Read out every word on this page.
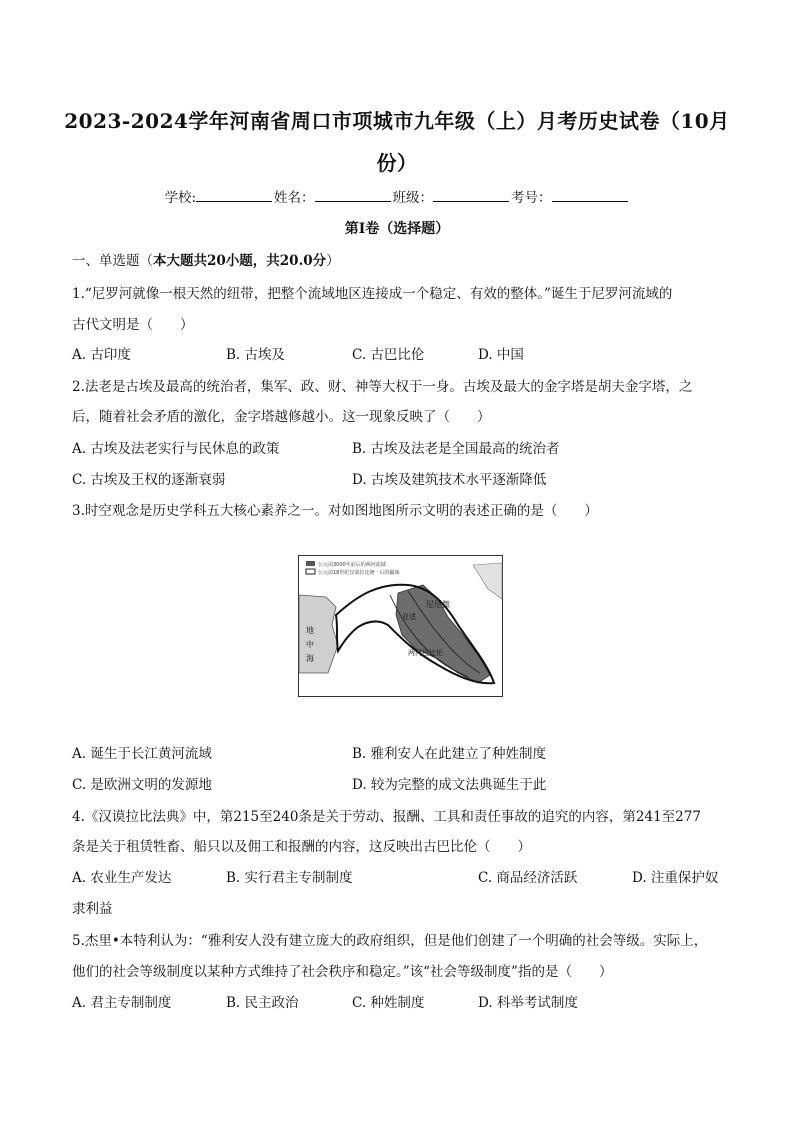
2023-2024学年河南省周口市项城市九年级（上）月考历史试卷（10月
份）
学校:	姓名：	班级：	考号：
第I卷（选择题）
一、单选题（本大题共20小题，共20.0分）
1.“尼罗河就像一根天然的纽带，把整个流域地区连接成一个稳定、有效的整体。”诞生于尼罗河流域的
古代文明是（　　）
A. 古印度	B. 古埃及	C. 古巴比伦	D. 中国
2.法老是古埃及最高的统治者，集军、政、财、神等大权于一身。古埃及最大的金字塔是胡夫金字塔，之
后，随着社会矛盾的激化，金字塔越修越小。这一现象反映了（　　）
A. 古埃及法老实行与民休息的政策	B. 古埃及法老是全国最高的统治者
C. 古埃及王权的逐渐衰弱	D. 古埃及建筑技术水平逐渐降低
3.时空观念是历史学科五大核心素养之一。对如图地图所示文明的表述正确的是（　　）
公元前3000年前后的两河流域
公元前18世纪汉谟拉比统一后的疆域
尼尼微
亚述
两河巴比伦
地
中
海
A. 诞生于长江黄河流域	B. 雅利安人在此建立了种姓制度
C. 是欧洲文明的发源地	D. 较为完整的成文法典诞生于此
4.《汉谟拉比法典》中，第215至240条是关于劳动、报酬、工具和责任事故的追究的内容，第241至277
条是关于租赁牲畜、船只以及佣工和报酬的内容，这反映出古巴比伦（　　）
A. 农业生产发达	B. 实行君主专制制度	C. 商品经济活跃	D. 注重保护奴
隶利益
5.杰里•本特利认为：“雅利安人没有建立庞大的政府组织，但是他们创建了一个明确的社会等级。实际上，
他们的社会等级制度以某种方式维持了社会秩序和稳定。”该“社会等级制度”指的是（　　）
A. 君主专制制度	B. 民主政治	C. 种姓制度	D. 科举考试制度
